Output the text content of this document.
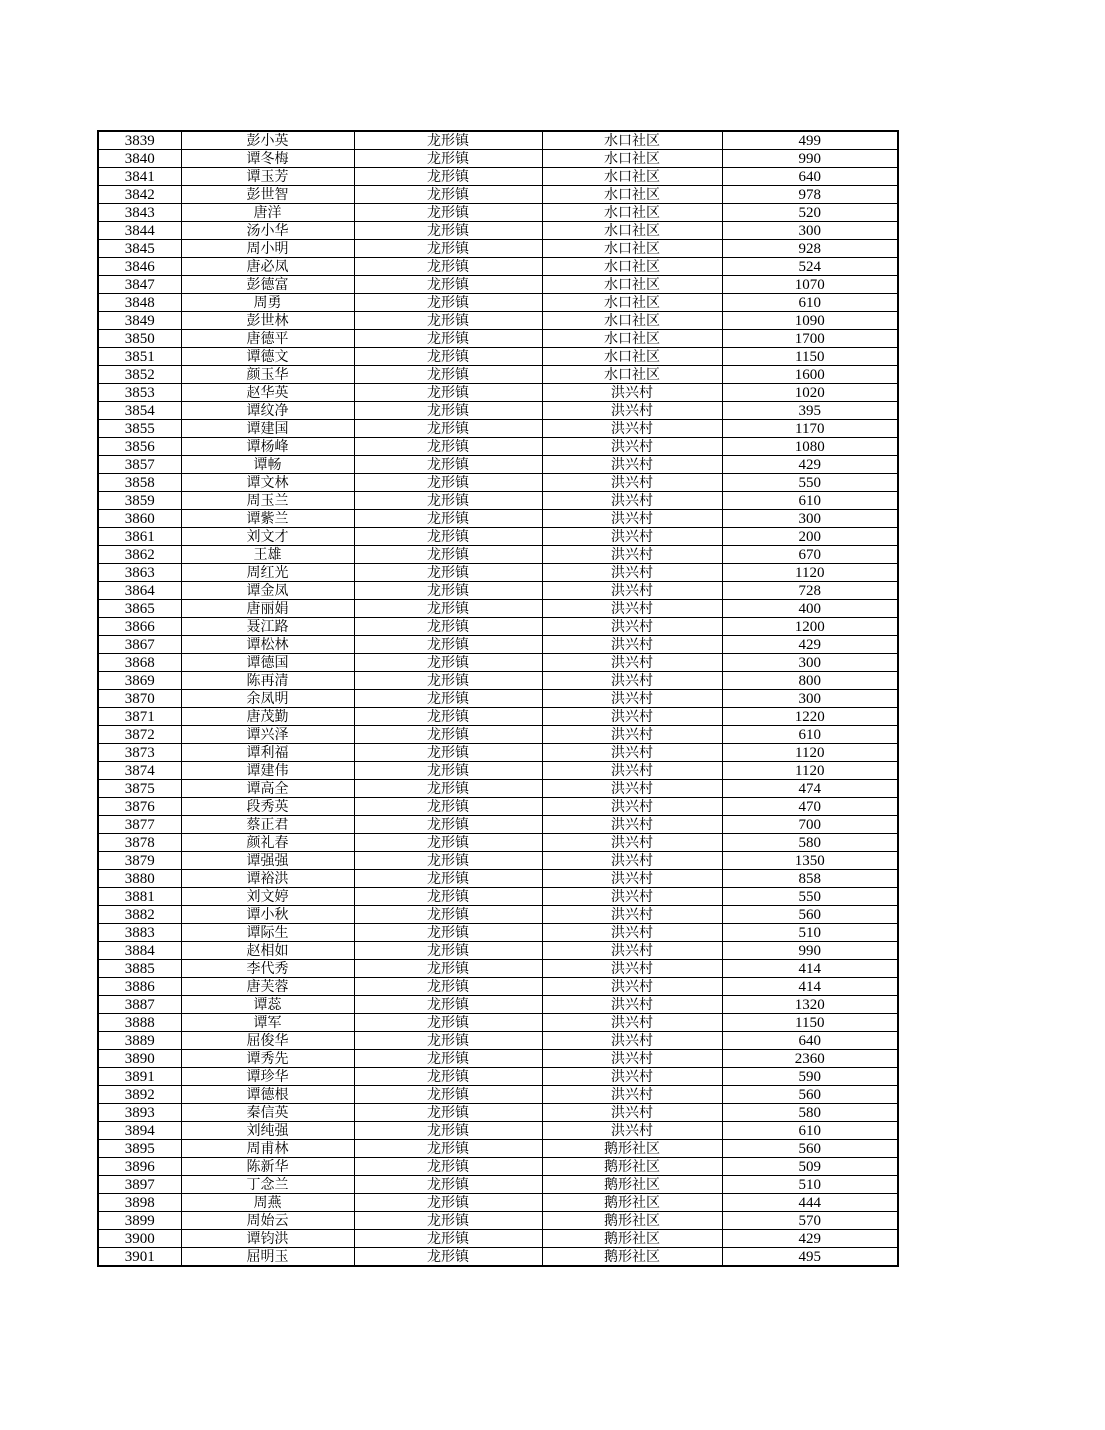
3839	彭小英	龙形镇	水口社区	499
3840	谭冬梅	龙形镇	水口社区	990
3841	谭玉芳	龙形镇	水口社区	640
3842	彭世智	龙形镇	水口社区	978
3843	唐洋	龙形镇	水口社区	520
3844	汤小华	龙形镇	水口社区	300
3845	周小明	龙形镇	水口社区	928
3846	唐必凤	龙形镇	水口社区	524
3847	彭德富	龙形镇	水口社区	1070
3848	周勇	龙形镇	水口社区	610
3849	彭世林	龙形镇	水口社区	1090
3850	唐德平	龙形镇	水口社区	1700
3851	谭德文	龙形镇	水口社区	1150
3852	颜玉华	龙形镇	水口社区	1600
3853	赵华英	龙形镇	洪兴村	1020
3854	谭纹净	龙形镇	洪兴村	395
3855	谭建国	龙形镇	洪兴村	1170
3856	谭杨峰	龙形镇	洪兴村	1080
3857	谭畅	龙形镇	洪兴村	429
3858	谭文林	龙形镇	洪兴村	550
3859	周玉兰	龙形镇	洪兴村	610
3860	谭紫兰	龙形镇	洪兴村	300
3861	刘文才	龙形镇	洪兴村	200
3862	王雄	龙形镇	洪兴村	670
3863	周红光	龙形镇	洪兴村	1120
3864	谭金凤	龙形镇	洪兴村	728
3865	唐丽娟	龙形镇	洪兴村	400
3866	聂江路	龙形镇	洪兴村	1200
3867	谭松林	龙形镇	洪兴村	429
3868	谭德国	龙形镇	洪兴村	300
3869	陈再清	龙形镇	洪兴村	800
3870	余凤明	龙形镇	洪兴村	300
3871	唐茂勤	龙形镇	洪兴村	1220
3872	谭兴泽	龙形镇	洪兴村	610
3873	谭利福	龙形镇	洪兴村	1120
3874	谭建伟	龙形镇	洪兴村	1120
3875	谭高全	龙形镇	洪兴村	474
3876	段秀英	龙形镇	洪兴村	470
3877	蔡正君	龙形镇	洪兴村	700
3878	颜礼春	龙形镇	洪兴村	580
3879	谭强强	龙形镇	洪兴村	1350
3880	谭裕洪	龙形镇	洪兴村	858
3881	刘文婷	龙形镇	洪兴村	550
3882	谭小秋	龙形镇	洪兴村	560
3883	谭际生	龙形镇	洪兴村	510
3884	赵相如	龙形镇	洪兴村	990
3885	李代秀	龙形镇	洪兴村	414
3886	唐芙蓉	龙形镇	洪兴村	414
3887	谭蕊	龙形镇	洪兴村	1320
3888	谭军	龙形镇	洪兴村	1150
3889	屈俊华	龙形镇	洪兴村	640
3890	谭秀先	龙形镇	洪兴村	2360
3891	谭珍华	龙形镇	洪兴村	590
3892	谭德根	龙形镇	洪兴村	560
3893	秦信英	龙形镇	洪兴村	580
3894	刘纯强	龙形镇	洪兴村	610
3895	周甫林	龙形镇	鹅形社区	560
3896	陈新华	龙形镇	鹅形社区	509
3897	丁念兰	龙形镇	鹅形社区	510
3898	周燕	龙形镇	鹅形社区	444
3899	周始云	龙形镇	鹅形社区	570
3900	谭钧洪	龙形镇	鹅形社区	429
3901	屈明玉	龙形镇	鹅形社区	495
